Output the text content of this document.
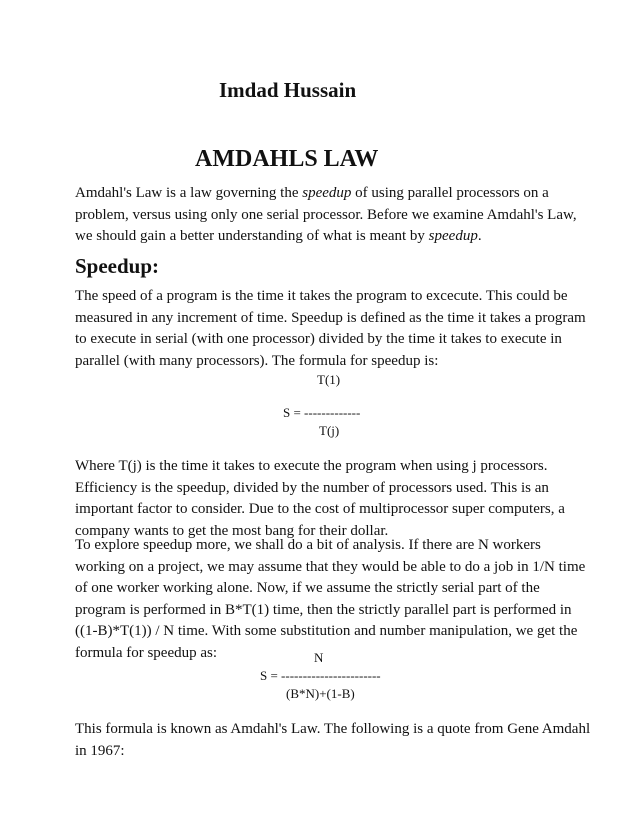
Imdad Hussain
AMDAHLS LAW

Amdahl's Law is a law governing the speedup of using parallel processors on a
problem, versus using only one serial processor. Before we examine Amdahl's Law,
we should gain a better understanding of what is meant by speedup.

Speedup:

The speed of a program is the time it takes the program to excecute. This could be
measured in any increment of time. Speedup is defined as the time it takes a program
to execute in serial (with one processor) divided by the time it takes to execute in
parallel (with many processors). The formula for speedup is:

T(1)
S = -------------
T(j)

Where T(j) is the time it takes to execute the program when using j processors.
Efficiency is the speedup, divided by the number of processors used. This is an
important factor to consider. Due to the cost of multiprocessor super computers, a
company wants to get the most bang for their dollar.

To explore speedup more, we shall do a bit of analysis. If there are N workers
working on a project, we may assume that they would be able to do a job in 1/N time
of one worker working alone. Now, if we assume the strictly serial part of the
program is performed in B*T(1) time, then the strictly parallel part is performed in
((1-B)*T(1)) / N time. With some substitution and number manipulation, we get the
formula for speedup as:	N
S = -----------------------
(B*N)+(1-B)

This formula is known as Amdahl's Law. The following is a quote from Gene Amdahl
in 1967:
